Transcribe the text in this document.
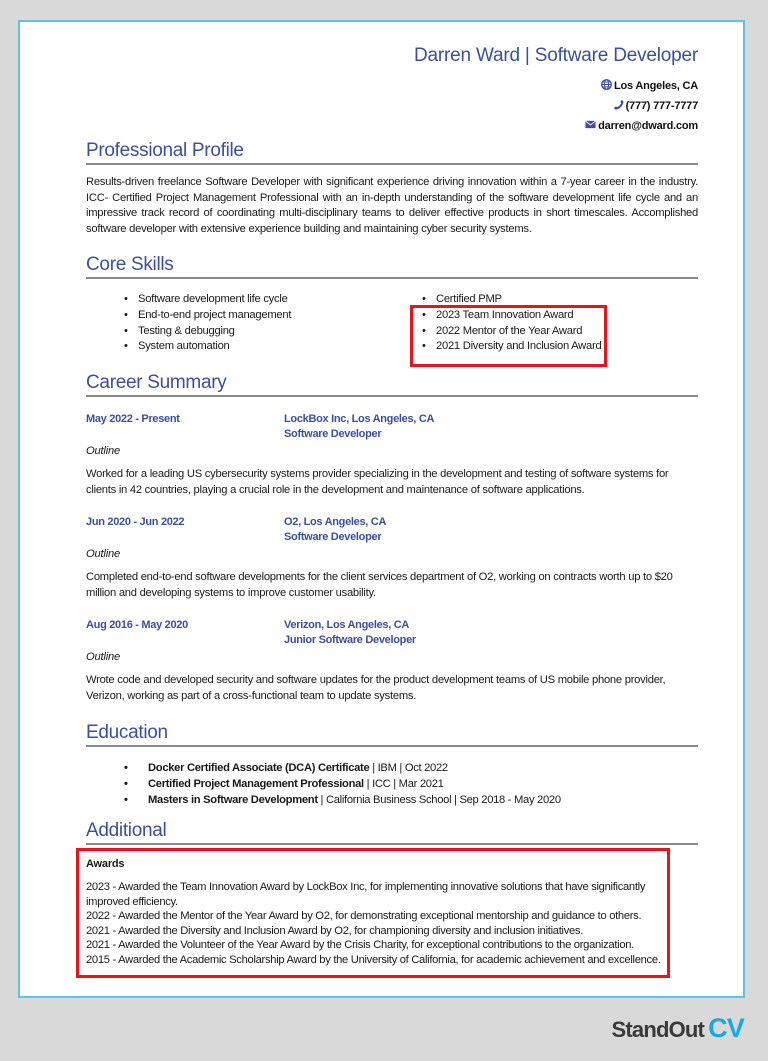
Darren Ward | Software Developer
Los Angeles, CA
(777) 777-7777
darren@dward.com
Professional Profile
Results-driven freelance Software Developer with significant experience driving innovation within a 7-year career in the industry. ICC- Certified Project Management Professional with an in-depth understanding of the software development life cycle and an impressive track record of coordinating multi-disciplinary teams to deliver effective products in short timescales. Accomplished software developer with extensive experience building and maintaining cyber security systems.
Core Skills
• Software development life cycle
• End-to-end project management
• Testing & debugging
• System automation
• Certified PMP
• 2023 Team Innovation Award
• 2022 Mentor of the Year Award
• 2021 Diversity and Inclusion Award
Career Summary
May 2022 - Present	LockBox Inc, Los Angeles, CA
Software Developer
Outline
Worked for a leading US cybersecurity systems provider specializing in the development and testing of software systems for clients in 42 countries, playing a crucial role in the development and maintenance of software applications.
Jun 2020 - Jun 2022	O2, Los Angeles, CA
Software Developer
Outline
Completed end-to-end software developments for the client services department of O2, working on contracts worth up to $20 million and developing systems to improve customer usability.
Aug 2016 - May 2020	Verizon, Los Angeles, CA
Junior Software Developer
Outline
Wrote code and developed security and software updates for the product development teams of US mobile phone provider, Verizon, working as part of a cross-functional team to update systems.
Education
• Docker Certified Associate (DCA) Certificate | IBM | Oct 2022
• Certified Project Management Professional | ICC | Mar 2021
• Masters in Software Development | California Business School | Sep 2018 - May 2020
Additional
Awards
2023 - Awarded the Team Innovation Award by LockBox Inc, for implementing innovative solutions that have significantly improved efficiency.
2022 - Awarded the Mentor of the Year Award by O2, for demonstrating exceptional mentorship and guidance to others.
2021 - Awarded the Diversity and Inclusion Award by O2, for championing diversity and inclusion initiatives.
2021 - Awarded the Volunteer of the Year Award by the Crisis Charity, for exceptional contributions to the organization.
2015 - Awarded the Academic Scholarship Award by the University of California, for academic achievement and excellence.
StandOut CV
